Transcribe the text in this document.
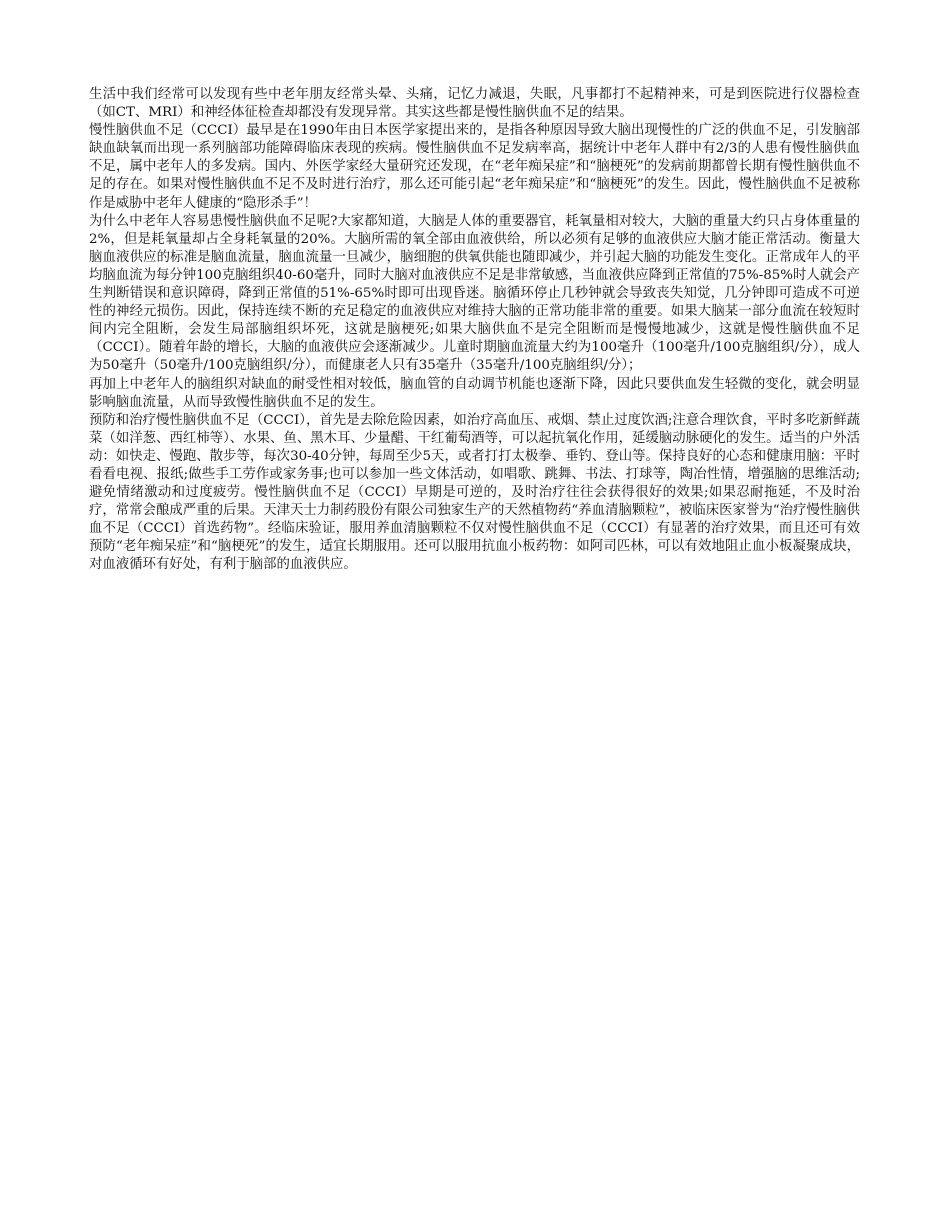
生活中我们经常可以发现有些中老年朋友经常头晕、头痛，记忆力减退，失眠，凡事都打不起精神来，可是到医院进行仪器检查（如CT、MRI）和神经体征检查却都没有发现异常。其实这些都是慢性脑供血不足的结果。

慢性脑供血不足（CCCI）最早是在1990年由日本医学家提出来的，是指各种原因导致大脑出现慢性的广泛的供血不足，引发脑部缺血缺氧而出现一系列脑部功能障碍临床表现的疾病。慢性脑供血不足发病率高，据统计中老年人群中有2/3的人患有慢性脑供血不足，属中老年人的多发病。国内、外医学家经大量研究还发现，在“老年痴呆症”和“脑梗死”的发病前期都曾长期有慢性脑供血不足的存在。如果对慢性脑供血不足不及时进行治疗，那么还可能引起“老年痴呆症”和“脑梗死”的发生。因此，慢性脑供血不足被称作是威胁中老年人健康的“隐形杀手”！

为什么中老年人容易患慢性脑供血不足呢?大家都知道，大脑是人体的重要器官，耗氧量相对较大，大脑的重量大约只占身体重量的2%，但是耗氧量却占全身耗氧量的20%。大脑所需的氧全部由血液供给，所以必须有足够的血液供应大脑才能正常活动。衡量大脑血液供应的标准是脑血流量，脑血流量一旦减少，脑细胞的供氧供能也随即减少，并引起大脑的功能发生变化。正常成年人的平均脑血流为每分钟100克脑组织40-60毫升，同时大脑对血液供应不足是非常敏感，当血液供应降到正常值的75%-85%时人就会产生判断错误和意识障碍，降到正常值的51%-65%时即可出现昏迷。脑循环停止几秒钟就会导致丧失知觉，几分钟即可造成不可逆性的神经元损伤。因此，保持连续不断的充足稳定的血液供应对维持大脑的正常功能非常的重要。如果大脑某一部分血流在较短时间内完全阻断，会发生局部脑组织坏死，这就是脑梗死;如果大脑供血不是完全阻断而是慢慢地减少，这就是慢性脑供血不足（CCCI）。随着年龄的增长，大脑的血液供应会逐渐减少。儿童时期脑血流量大约为100毫升（100毫升/100克脑组织/分），成人为50毫升（50毫升/100克脑组织/分），而健康老人只有35毫升（35毫升/100克脑组织/分）；

再加上中老年人的脑组织对缺血的耐受性相对较低，脑血管的自动调节机能也逐渐下降，因此只要供血发生轻微的变化，就会明显影响脑血流量，从而导致慢性脑供血不足的发生。

预防和治疗慢性脑供血不足（CCCI），首先是去除危险因素，如治疗高血压、戒烟、禁止过度饮酒;注意合理饮食，平时多吃新鲜蔬菜（如洋葱、西红柿等）、水果、鱼、黑木耳、少量醋、干红葡萄酒等，可以起抗氧化作用，延缓脑动脉硬化的发生。适当的户外活动：如快走、慢跑、散步等，每次30-40分钟，每周至少5天，或者打打太极拳、垂钓、登山等。保持良好的心态和健康用脑：平时看看电视、报纸;做些手工劳作或家务事;也可以参加一些文体活动，如唱歌、跳舞、书法、打球等，陶冶性情，增强脑的思维活动;避免情绪激动和过度疲劳。慢性脑供血不足（CCCI）早期是可逆的，及时治疗往往会获得很好的效果;如果忍耐拖延，不及时治疗，常常会酿成严重的后果。天津天士力制药股份有限公司独家生产的天然植物药“养血清脑颗粒”，被临床医家誉为“治疗慢性脑供血不足（CCCI）首选药物”。经临床验证，服用养血清脑颗粒不仅对慢性脑供血不足（CCCI）有显著的治疗效果，而且还可有效预防“老年痴呆症”和“脑梗死”的发生，适宜长期服用。还可以服用抗血小板药物：如阿司匹林，可以有效地阻止血小板凝聚成块，对血液循环有好处，有利于脑部的血液供应。
